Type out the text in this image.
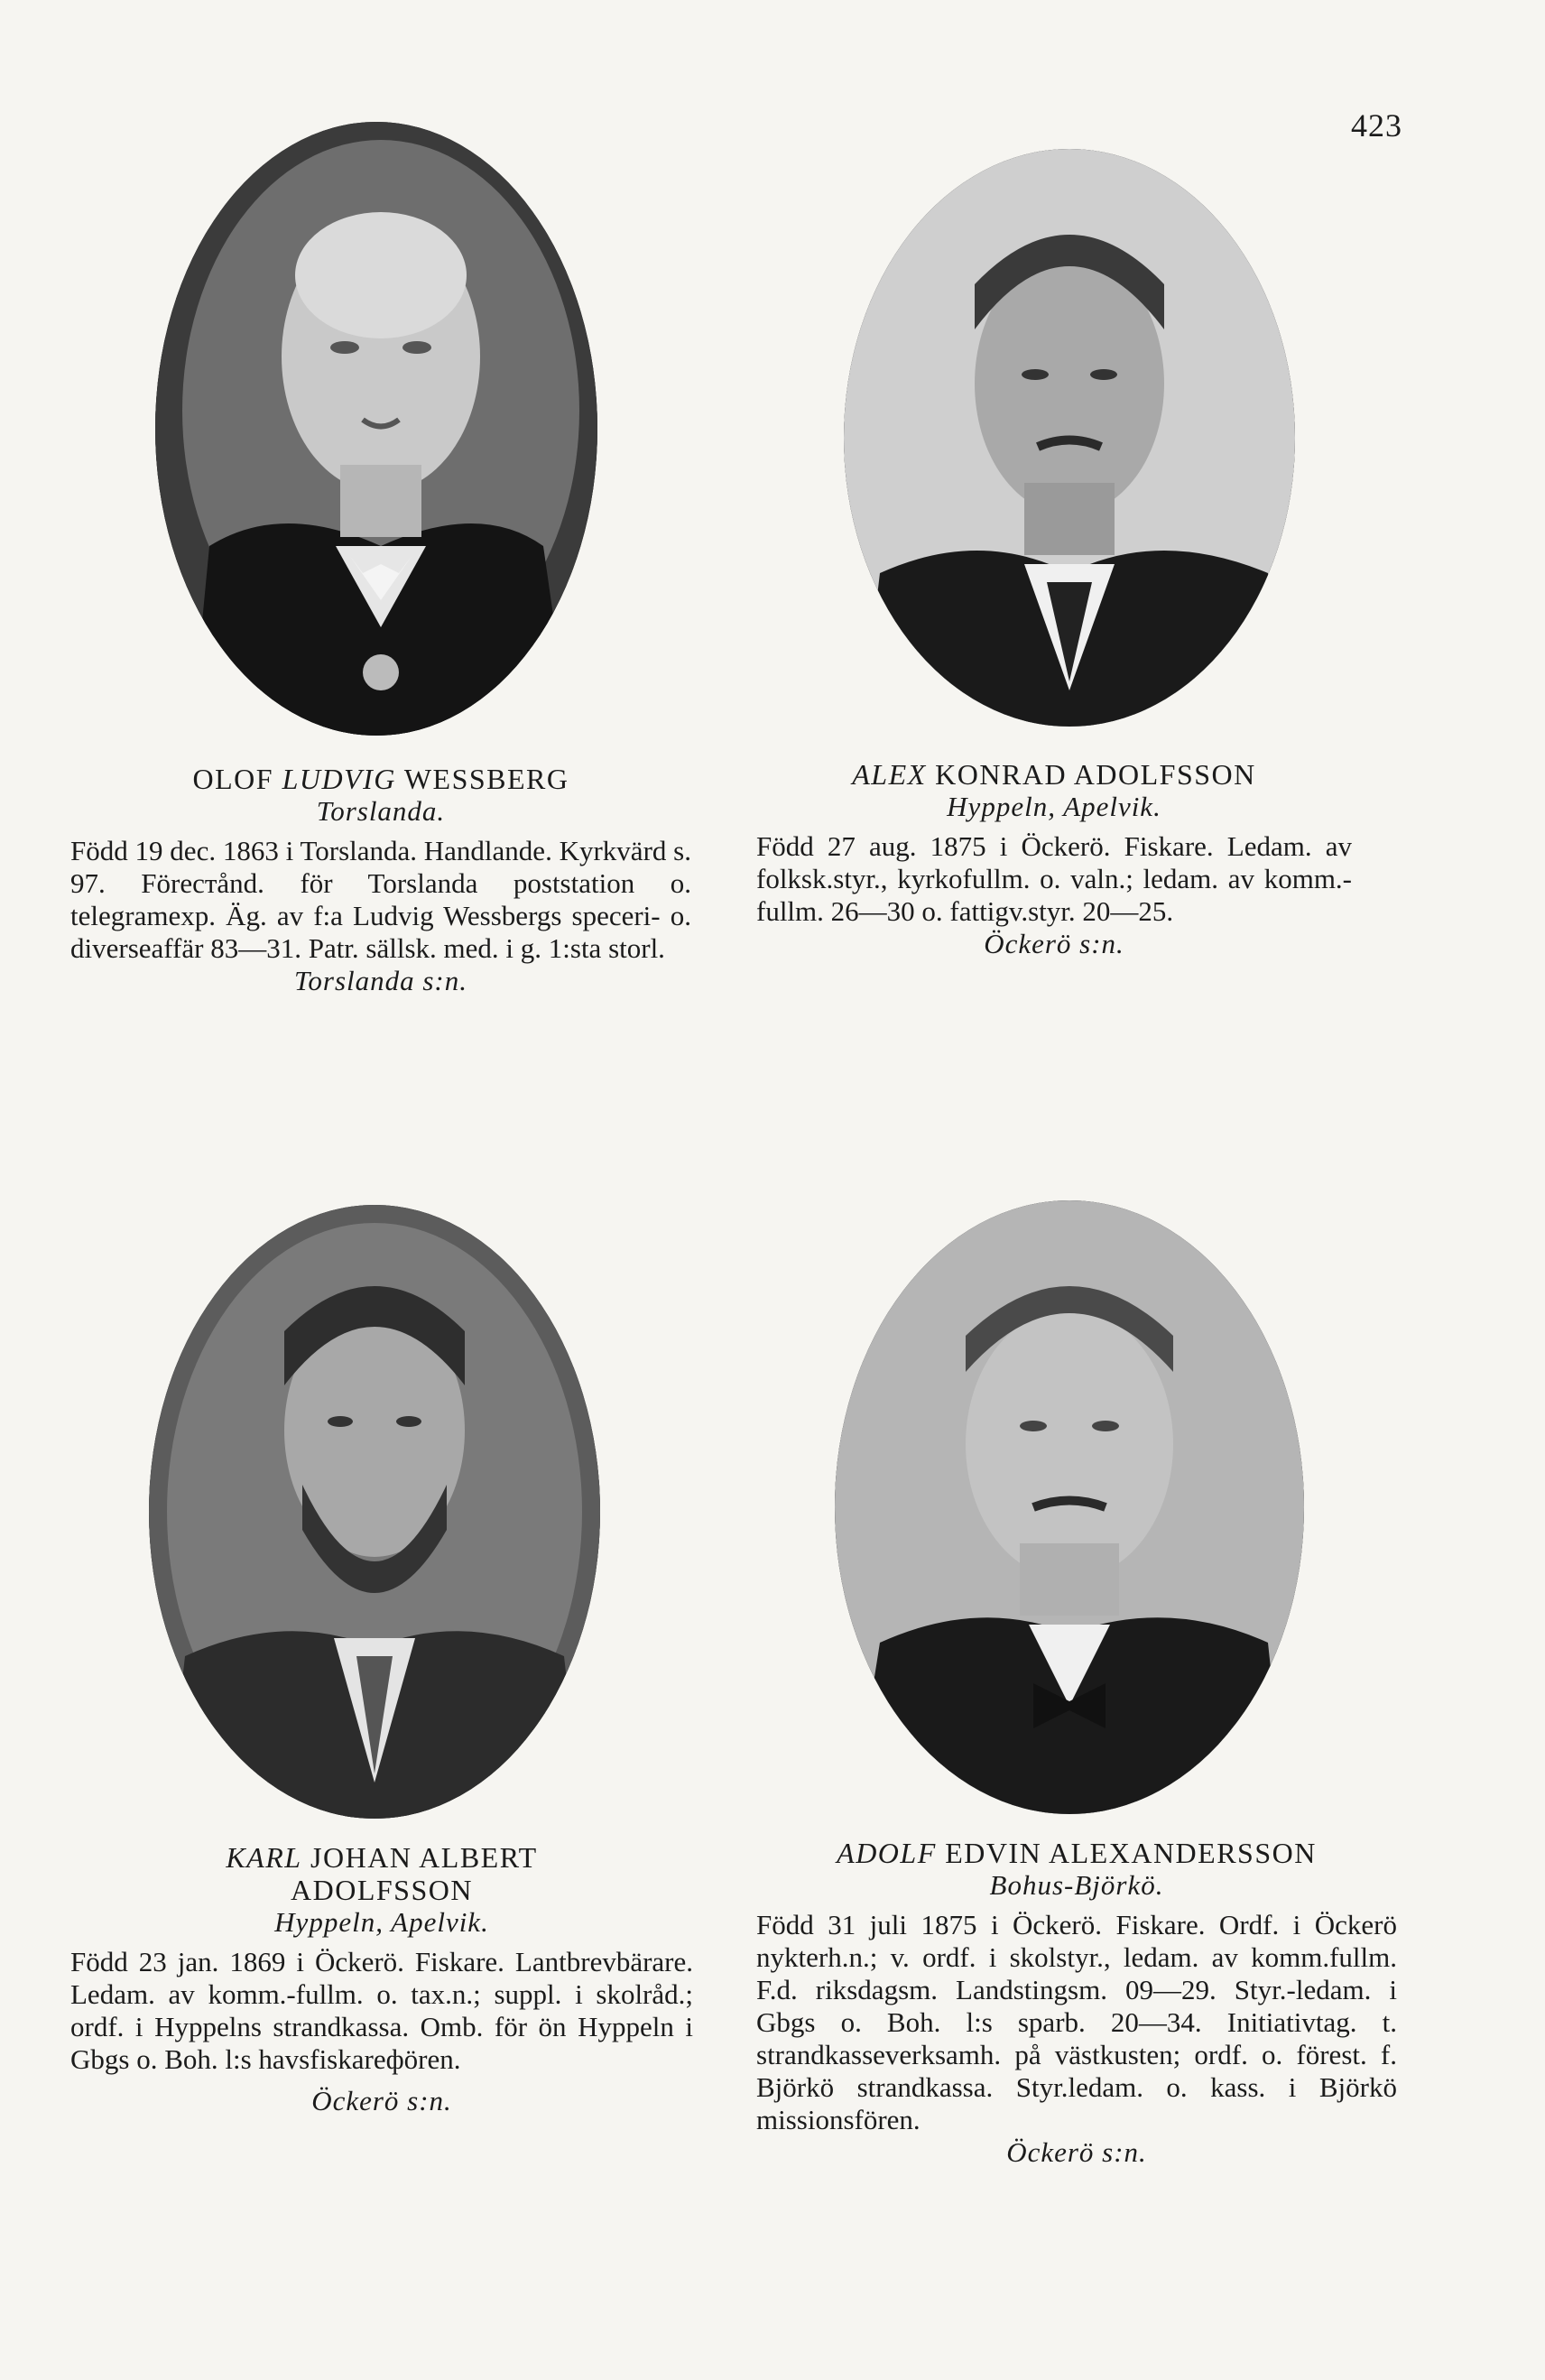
423
OLOF LUDVIG WESSBERG
Torslanda.
Född 19 dec. 1863 i Torslanda. Handlande. Kyrkvärd s. 97. Föreстånd. för Torslanda poststation o. telegramexp. Äg. av f:a Ludvig Wessbergs speceri- o. diverseaffär 83—31. Patr. sällsk. med. i g. 1:sta storl.
Torslanda s:n.
ALEX KONRAD ADOLFSSON
Hyppeln, Apelvik.
Född 27 aug. 1875 i Öckerö. Fiskare. Ledam. av folksk.styr., kyrkofullm. o. valn.; ledam. av komm.-fullm. 26—30 o. fattigv.styr. 20—25.
Öckerö s:n.
KARL JOHAN ALBERT
ADOLFSSON
Hyppeln, Apelvik.
Född 23 jan. 1869 i Öckerö. Fiskare. Lantbrevbärare. Ledam. av komm.-fullm. o. tax.n.; suppl. i skolråd.; ordf. i Hyppelns strandkassa. Omb. för ön Hyppeln i Gbgs o. Boh. l:s havsfiskareфören.
Öckerö s:n.
ADOLF EDVIN ALEXANDERSSON
Bohus-Björkö.
Född 31 juli 1875 i Öckerö. Fiskare. Ordf. i Öckerö nykterh.n.; v. ordf. i skolstyr., ledam. av komm.fullm. F.d. riksdagsm. Landstingsm. 09—29. Styr.-ledam. i Gbgs o. Boh. l:s sparb. 20—34. Initiativtag. t. strandkasseverksamh. på västkusten; ordf. o. förest. f. Björkö strandkassa. Styr.ledam. o. kass. i Björkö missionsfören.
Öckerö s:n.
